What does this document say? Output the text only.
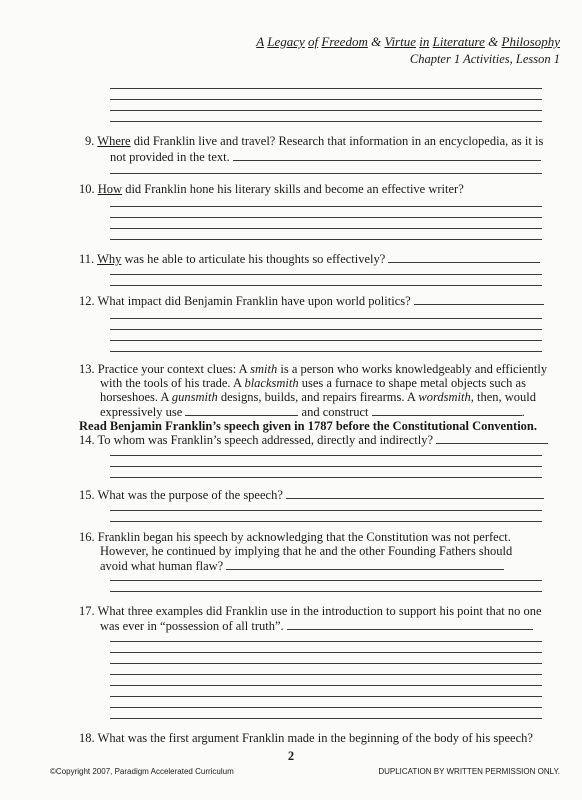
A Legacy of Freedom & Virtue in Literature & Philosophy
Chapter 1 Activities, Lesson 1
9. Where did Franklin live and travel? Research that information in an encyclopedia, as it is
not provided in the text.
10. How did Franklin hone his literary skills and become an effective writer?
11. Why was he able to articulate his thoughts so effectively?
12. What impact did Benjamin Franklin have upon world politics?
13. Practice your context clues: A smith is a person who works knowledgeably and efficiently
with the tools of his trade. A blacksmith uses a furnace to shape metal objects such as
horseshoes. A gunsmith designs, builds, and repairs firearms. A wordsmith, then, would
expressively use	and construct	.
Read Benjamin Franklin’s speech given in 1787 before the Constitutional Convention.
14. To whom was Franklin’s speech addressed, directly and indirectly?
15. What was the purpose of the speech?
16. Franklin began his speech by acknowledging that the Constitution was not perfect.
However, he continued by implying that he and the other Founding Fathers should
avoid what human flaw?
17. What three examples did Franklin use in the introduction to support his point that no one
was ever in “possession of all truth”.
18. What was the first argument Franklin made in the beginning of the body of his speech?
2
©Copyright 2007, Paradigm Accelerated Curriculum	DUPLICATION BY WRITTEN PERMISSION ONLY.
